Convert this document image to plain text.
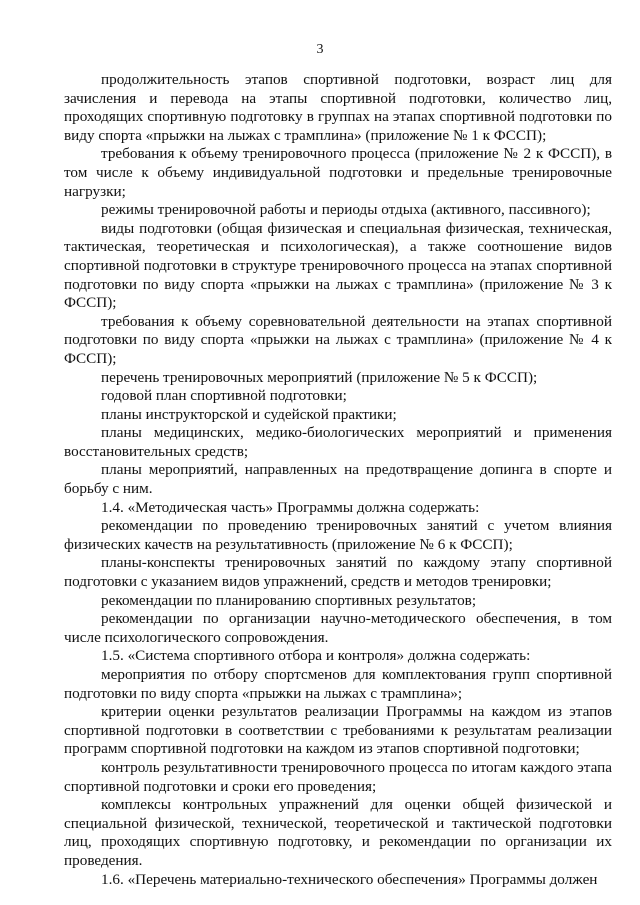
3

продолжительность этапов спортивной подготовки, возраст лиц для зачисления и перевода на этапы спортивной подготовки, количество лиц, проходящих спортивную подготовку в группах на этапах спортивной подготовки по виду спорта «прыжки на лыжах с трамплина» (приложение № 1 к ФССП);

требования к объему тренировочного процесса (приложение № 2 к ФССП), в том числе к объему индивидуальной подготовки и предельные тренировочные нагрузки;

режимы тренировочной работы и периоды отдыха (активного, пассивного);

виды подготовки (общая физическая и специальная физическая, техническая, тактическая, теоретическая и психологическая), а также соотношение видов спортивной подготовки в структуре тренировочного процесса на этапах спортивной подготовки по виду спорта «прыжки на лыжах с трамплина» (приложение № 3 к ФССП);

требования к объему соревновательной деятельности на этапах спортивной подготовки по виду спорта «прыжки на лыжах с трамплина» (приложение № 4 к ФССП);

перечень тренировочных мероприятий (приложение № 5 к ФССП);

годовой план спортивной подготовки;

планы инструкторской и судейской практики;

планы медицинских, медико-биологических мероприятий и применения восстановительных средств;

планы мероприятий, направленных на предотвращение допинга в спорте и борьбу с ним.

1.4. «Методическая часть» Программы должна содержать:

рекомендации по проведению тренировочных занятий с учетом влияния физических качеств на результативность (приложение № 6 к ФССП);

планы-конспекты тренировочных занятий по каждому этапу спортивной подготовки с указанием видов упражнений, средств и методов тренировки;

рекомендации по планированию спортивных результатов;

рекомендации по организации научно-методического обеспечения, в том числе психологического сопровождения.

1.5. «Система спортивного отбора и контроля» должна содержать:

мероприятия по отбору спортсменов для комплектования групп спортивной подготовки по виду спорта «прыжки на лыжах с трамплина»;

критерии оценки результатов реализации Программы на каждом из этапов спортивной подготовки в соответствии с требованиями к результатам реализации программ спортивной подготовки на каждом из этапов спортивной подготовки;

контроль результативности тренировочного процесса по итогам каждого этапа спортивной подготовки и сроки его проведения;

комплексы контрольных упражнений для оценки общей физической и специальной физической, технической, теоретической и тактической подготовки лиц, проходящих спортивную подготовку, и рекомендации по организации их проведения.

1.6. «Перечень материально-технического обеспечения» Программы должен
